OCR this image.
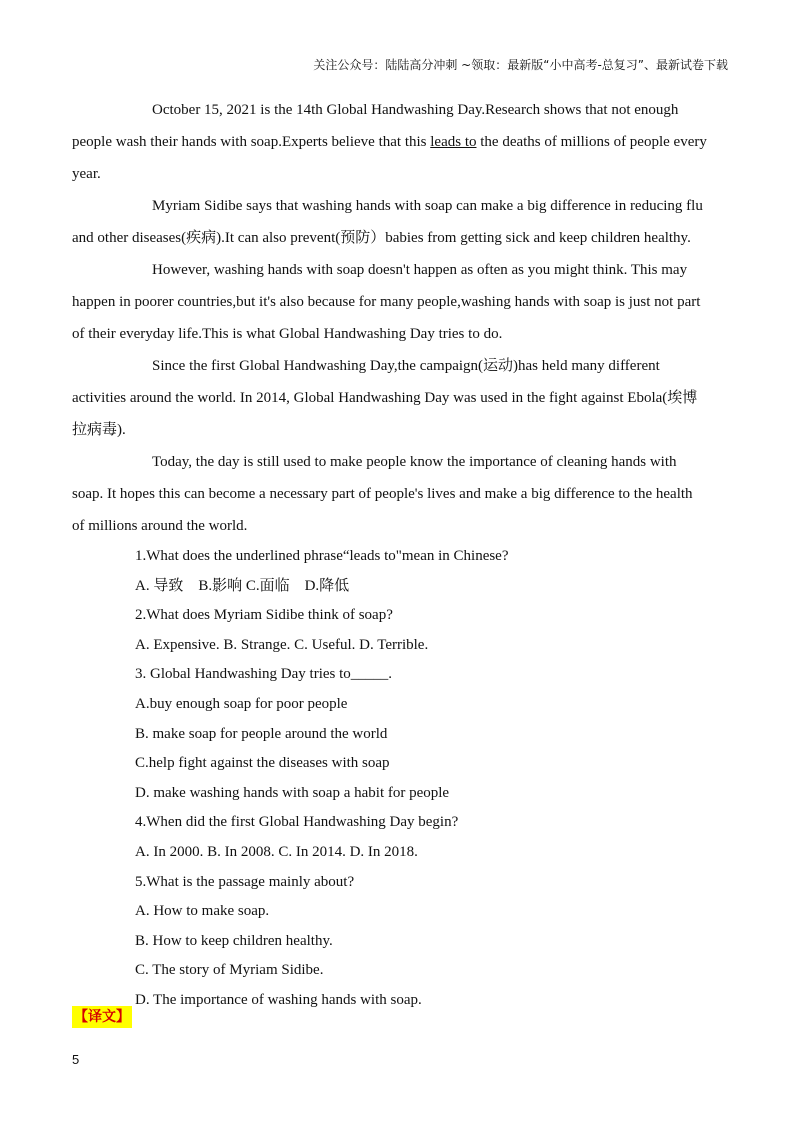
关注公众号：陆陆高分冲刺 ~领取：最新版“小中高考-总复习”、最新试卷下载
October 15, 2021 is the 14th Global Handwashing Day.Research shows that not enough
people wash their hands with soap.Experts believe that this leads to the deaths of millions of people every
year.
Myriam Sidibe says that washing hands with soap can make a big difference in reducing flu
and other diseases(疾病).It can also prevent(预防）babies from getting sick and keep children healthy.
However, washing hands with soap doesn't happen as often as you might think. This may
happen in poorer countries,but it's also because for many people,washing hands with soap is just not part
of their everyday life.This is what Global Handwashing Day tries to do.
Since the first Global Handwashing Day,the campaign(运动)has held many different
activities around the world. In 2014, Global Handwashing Day was used in the fight against Ebola(埃博
拉病毒).
Today, the day is still used to make people know the importance of cleaning hands with
soap. It hopes this can become a necessary part of people's lives and make a big difference to the health
of millions around the world.
1.What does the underlined phrase“leads to"mean in Chinese?
A. 导致　B.影响 C.面临　D.降低
2.What does Myriam Sidibe think of soap?
A. Expensive. B. Strange. C. Useful. D. Terrible.
3. Global Handwashing Day tries to_____.
A.buy enough soap for poor people
B. make soap for people around the world
C.help fight against the diseases with soap
D. make washing hands with soap a habit for people
4.When did the first Global Handwashing Day begin?
A. In 2000. B. In 2008. C. In 2014. D. In 2018.
5.What is the passage mainly about?
A. How to make soap.
B. How to keep children healthy.
C. The story of Myriam Sidibe.
D. The importance of washing hands with soap.
【译文】
5
